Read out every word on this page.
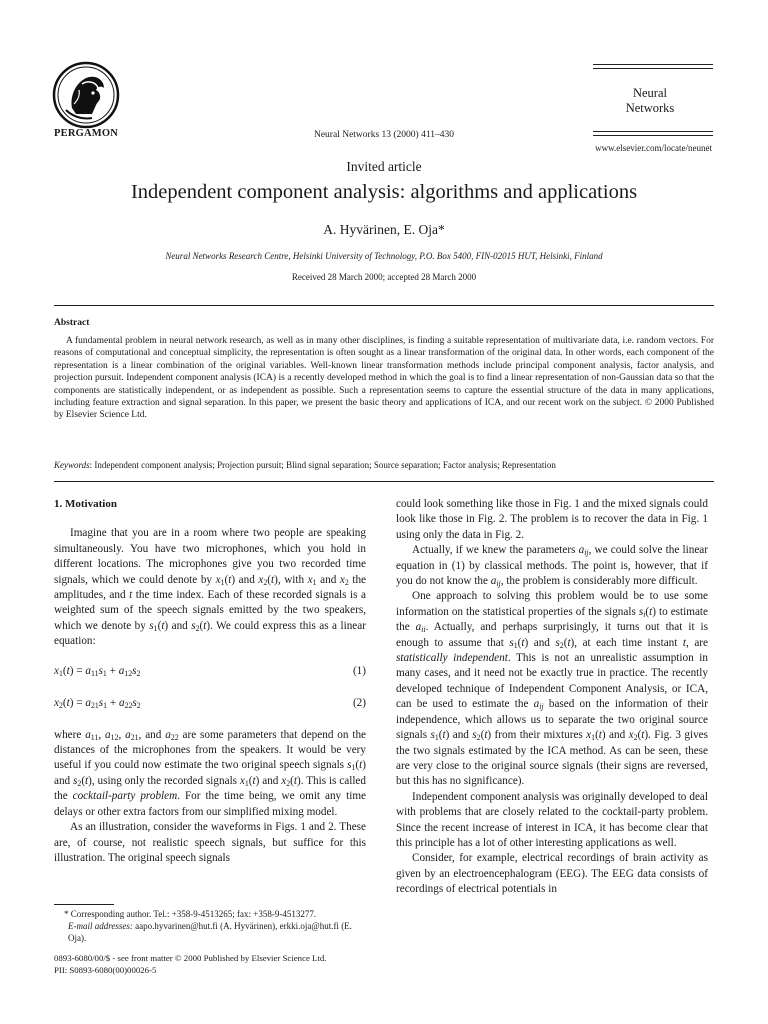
PERGAMON	Neural Networks 13 (2000) 411–430
Neural
Networks
www.elsevier.com/locate/neunet
Invited article
Independent component analysis: algorithms and applications
A. Hyvärinen, E. Oja*
Neural Networks Research Centre, Helsinki University of Technology, P.O. Box 5400, FIN-02015 HUT, Helsinki, Finland
Received 28 March 2000; accepted 28 March 2000
Abstract
A fundamental problem in neural network research, as well as in many other disciplines, is finding a suitable representation of multivariate data, i.e. random vectors. For reasons of computational and conceptual simplicity, the representation is often sought as a linear transformation of the original data. In other words, each component of the representation is a linear combination of the original variables. Well-known linear transformation methods include principal component analysis, factor analysis, and projection pursuit. Independent component analysis (ICA) is a recently developed method in which the goal is to find a linear representation of non-Gaussian data so that the components are statistically independent, or as independent as possible. Such a representation seems to capture the essential structure of the data in many applications, including feature extraction and signal separation. In this paper, we present the basic theory and applications of ICA, and our recent work on the subject. © 2000 Published by Elsevier Science Ltd.
Keywords: Independent component analysis; Projection pursuit; Blind signal separation; Source separation; Factor analysis; Representation
1. Motivation

Imagine that you are in a room where two people are speaking simultaneously. You have two microphones, which you hold in different locations. The microphones give you two recorded time signals, which we could denote by $x_1(t)$ and $x_2(t)$, with $x_1$ and $x_2$ the amplitudes, and t the time index. Each of these recorded signals is a weighted sum of the speech signals emitted by the two speakers, which we denote by $s_1(t)$ and $s_2(t)$. We could express this as a linear equation:

$x_1(t) = a_{11}s_1 + a_{12}s_2$	(1)
$x_2(t) = a_{21}s_1 + a_{22}s_2$	(2)

where $a_{11}$, $a_{12}$, $a_{21}$, and $a_{22}$ are some parameters that depend on the distances of the microphones from the speakers. It would be very useful if you could now estimate the two original speech signals $s_1(t)$ and $s_2(t)$, using only the recorded signals $x_1(t)$ and $x_2(t)$. This is called the cocktail-party problem. For the time being, we omit any time delays or other extra factors from our simplified mixing model.

As an illustration, consider the waveforms in Figs. 1 and 2. These are, of course, not realistic speech signals, but suffice for this illustration. The original speech signals

could look something like those in Fig. 1 and the mixed signals could look like those in Fig. 2. The problem is to recover the data in Fig. 1 using only the data in Fig. 2.

Actually, if we knew the parameters $a_{ij}$, we could solve the linear equation in (1) by classical methods. The point is, however, that if you do not know the $a_{ij}$, the problem is considerably more difficult.

One approach to solving this problem would be to use some information on the statistical properties of the signals $s_i(t)$ to estimate the $a_{ii}$. Actually, and perhaps surprisingly, it turns out that it is enough to assume that $s_1(t)$ and $s_2(t)$, at each time instant t, are statistically independent. This is not an unrealistic assumption in many cases, and it need not be exactly true in practice. The recently developed technique of Independent Component Analysis, or ICA, can be used to estimate the $a_{ij}$ based on the information of their independence, which allows us to separate the two original source signals $s_1(t)$ and $s_2(t)$ from their mixtures $x_1(t)$ and $x_2(t)$. Fig. 3 gives the two signals estimated by the ICA method. As can be seen, these are very close to the original source signals (their signs are reversed, but this has no significance).

Independent component analysis was originally developed to deal with problems that are closely related to the cocktail-party problem. Since the recent increase of interest in ICA, it has become clear that this principle has a lot of other interesting applications as well.

Consider, for example, electrical recordings of brain activity as given by an electroencephalogram (EEG). The EEG data consists of recordings of electrical potentials in

* Corresponding author. Tel.: +358-9-4513265; fax: +358-9-4513277.
E-mail addresses: aapo.hyvarinen@hut.fi (A. Hyvärinen), erkki.oja@hut.fi (E. Oja).
0893-6080/00/$ - see front matter © 2000 Published by Elsevier Science Ltd.
PII: S0893-6080(00)00026-5
